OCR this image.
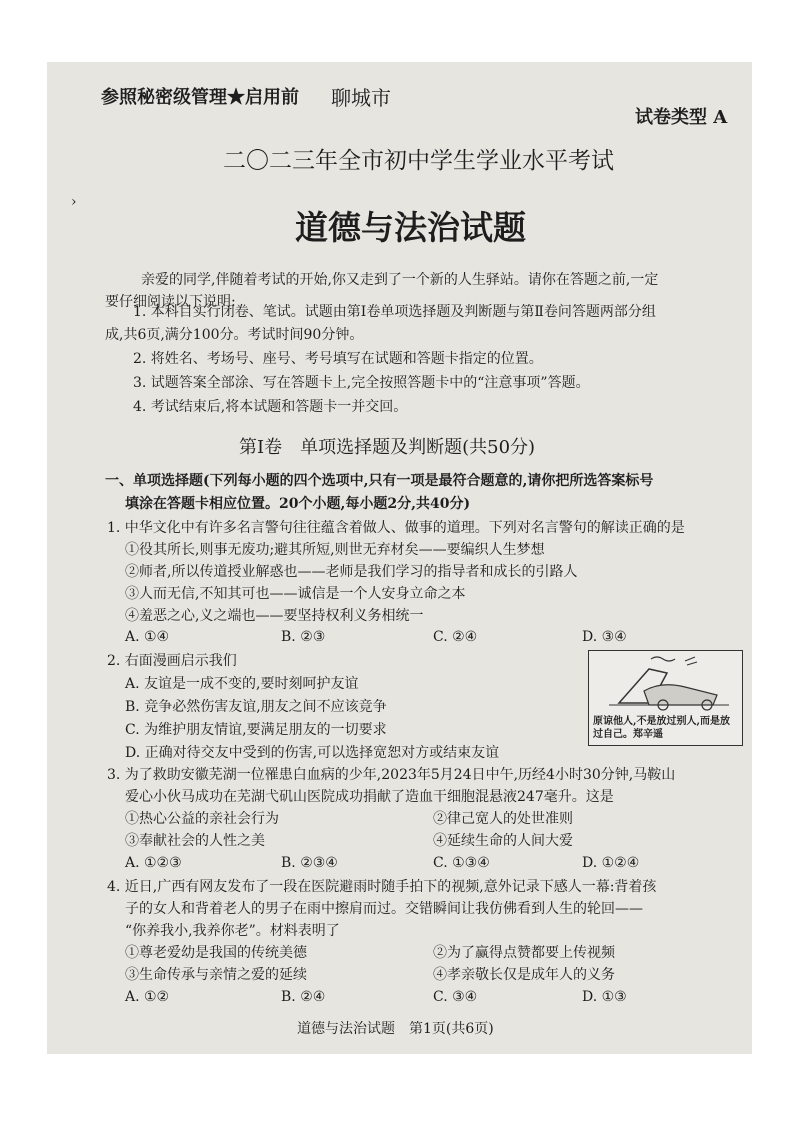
参照秘密级管理★启用前 聊城市
试卷类型 A
二〇二三年全市初中学生学业水平考试
›
道德与法治试题
亲爱的同学,伴随着考试的开始,你又走到了一个新的人生驿站。请你在答题之前,一定
要仔细阅读以下说明:
1. 本科目实行闭卷、笔试。试题由第Ⅰ卷单项选择题及判断题与第Ⅱ卷问答题两部分组
成,共6页,满分100分。考试时间90分钟。
2. 将姓名、考场号、座号、考号填写在试题和答题卡指定的位置。
3. 试题答案全部涂、写在答题卡上,完全按照答题卡中的“注意事项”答题。
4. 考试结束后,将本试题和答题卡一并交回。
第Ⅰ卷　单项选择题及判断题(共50分)
一、单项选择题(下列每小题的四个选项中,只有一项是最符合题意的,请你把所选答案标号
填涂在答题卡相应位置。20个小题,每小题2分,共40分)
1. 中华文化中有许多名言警句往往蕴含着做人、做事的道理。下列对名言警句的解读正确的是
①役其所长,则事无废功;避其所短,则世无弃材矣——要编织人生梦想
②师者,所以传道授业解惑也——老师是我们学习的指导者和成长的引路人
③人而无信,不知其可也——诚信是一个人安身立命之本
④羞恶之心,义之端也——要坚持权利义务相统一
A. ①④	B. ②③	C. ②④	D. ③④
2. 右面漫画启示我们
A. 友谊是一成不变的,要时刻呵护友谊
B. 竞争必然伤害友谊,朋友之间不应该竞争
C. 为维护朋友情谊,要满足朋友的一切要求
D. 正确对待交友中受到的伤害,可以选择宽恕对方或结束友谊
原谅他人,不是放过别人,而是放过自己。郑辛遥
3. 为了救助安徽芜湖一位罹患白血病的少年,2023年5月24日中午,历经4小时30分钟,马鞍山
爱心小伙马成功在芜湖弋矶山医院成功捐献了造血干细胞混悬液247毫升。这是
①热心公益的亲社会行为	②律己宽人的处世准则
③奉献社会的人性之美	④延续生命的人间大爱
A. ①②③	B. ②③④	C. ①③④	D. ①②④
4. 近日,广西有网友发布了一段在医院避雨时随手拍下的视频,意外记录下感人一幕:背着孩
子的女人和背着老人的男子在雨中擦肩而过。交错瞬间让我仿佛看到人生的轮回——
“你养我小,我养你老”。材料表明了
①尊老爱幼是我国的传统美德	②为了赢得点赞都要上传视频
③生命传承与亲情之爱的延续	④孝亲敬长仅是成年人的义务
A. ①②	B. ②④	C. ③④	D. ①③
道德与法治试题　第1页(共6页)
